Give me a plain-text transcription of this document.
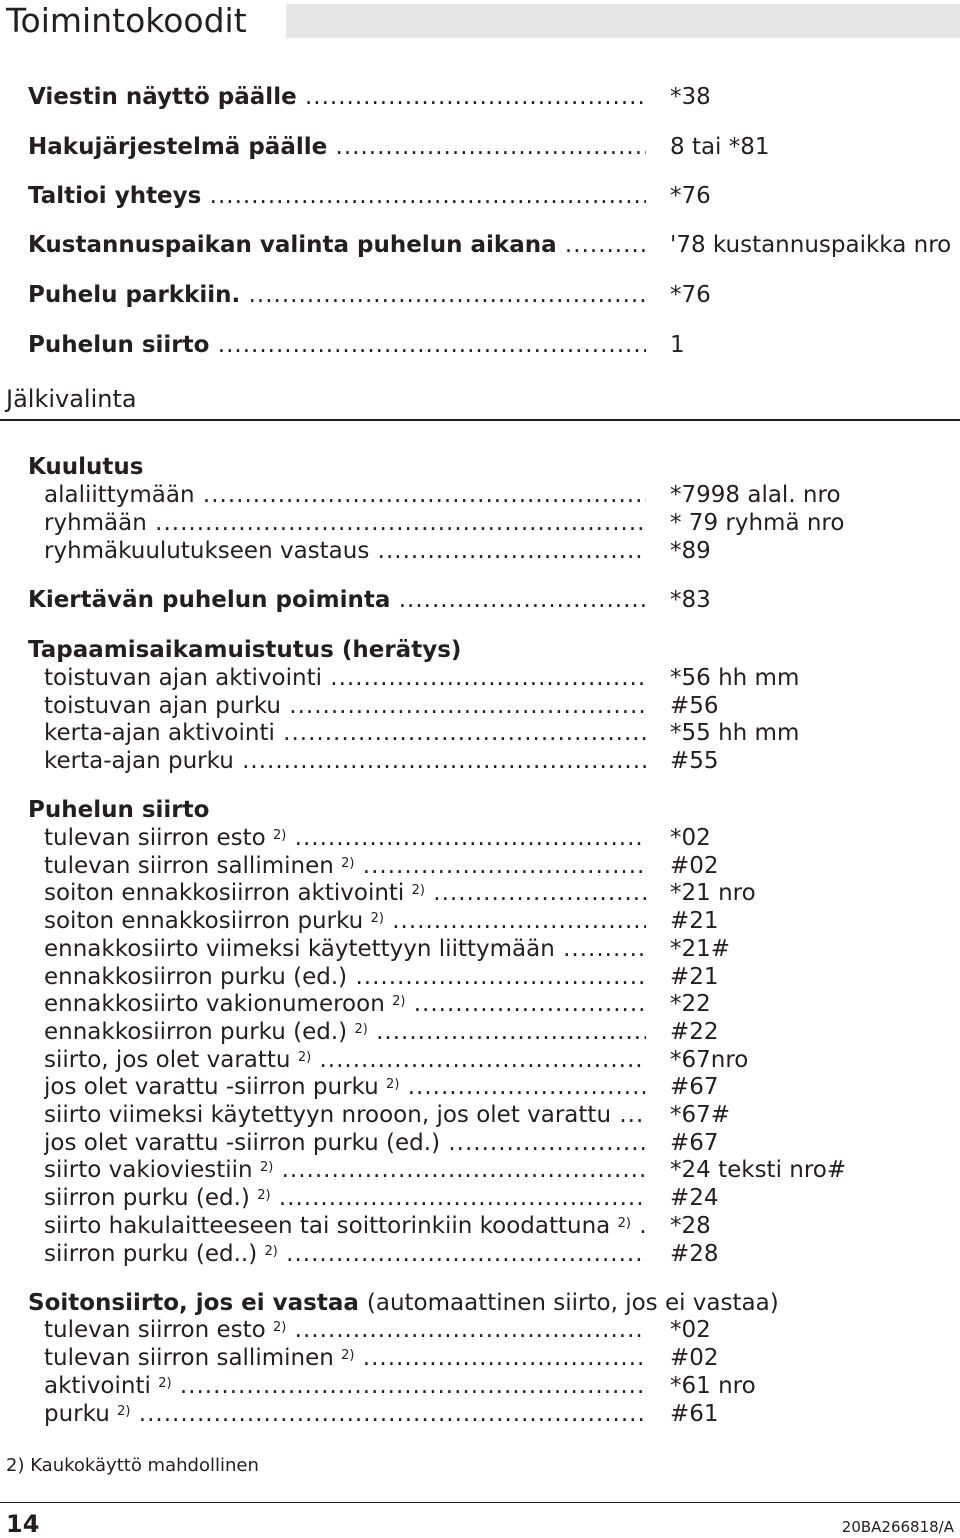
Toimintokoodit
Viestin näyttö päälle .....	*38
Hakujärjestelmä päälle .....	8 tai *81
Taltioi yhteys .....	*76
Kustannuspaikan valinta puhelun aikana .....	'78 kustannuspaikka nro
Puhelu parkkiin. .....	*76
Puhelun siirto .....	1
Jälkivalinta
Kuulutus
alaliittymään .....	*7998 alal. nro
ryhmään .....	* 79 ryhmä nro
ryhmäkuulutukseen vastaus .....	*89
Kiertävän puhelun poiminta .....	*83
Tapaamisaikamuistutus (herätys)
toistuvan ajan aktivointi .....	*56 hh mm
toistuvan ajan purku .....	#56
kerta-ajan aktivointi .....	*55 hh mm
kerta-ajan purku .....	#55
Puhelun siirto
tulevan siirron esto $^{2)}$ .....	*02
tulevan siirron salliminen $^{2)}$ .....	#02
soiton ennakkosiirron aktivointi $^{2)}$ .....	*21 nro
soiton ennakkosiirron purku $^{2)}$ .....	#21
ennakkosiirto viimeksi käytettyyn liittymään .....	*21#
ennakkosiirron purku (ed.) .....	#21
ennakkosiirto vakionumeroon $^{2)}$ .....	*22
ennakkosiirron purku (ed.) $^{2)}$ .....	#22
siirto, jos olet varattu $^{2)}$ .....	*67nro
jos olet varattu -siirron purku $^{2)}$ .....	#67
siirto viimeksi käytettyyn nrooon, jos olet varattu .....	*67#
jos olet varattu -siirron purku (ed.) .....	#67
siirto vakioviestiin $^{2)}$ .....	*24 teksti nro#
siirron purku (ed.) $^{2)}$ .....	#24
siirto hakulaitteeseen tai soittorinkiin koodattuna $^{2)}$ .....	*28
siirron purku (ed..) $^{2)}$ .....	#28
Soitonsiirto, jos ei vastaa (automaattinen siirto, jos ei vastaa)
tulevan siirron esto $^{2)}$ .....	*02
tulevan siirron salliminen $^{2)}$ .....	#02
aktivointi $^{2)}$ .....	*61 nro
purku $^{2)}$ .....	#61
2) Kaukokäyttö mahdollinen
14	20BA266818/A
